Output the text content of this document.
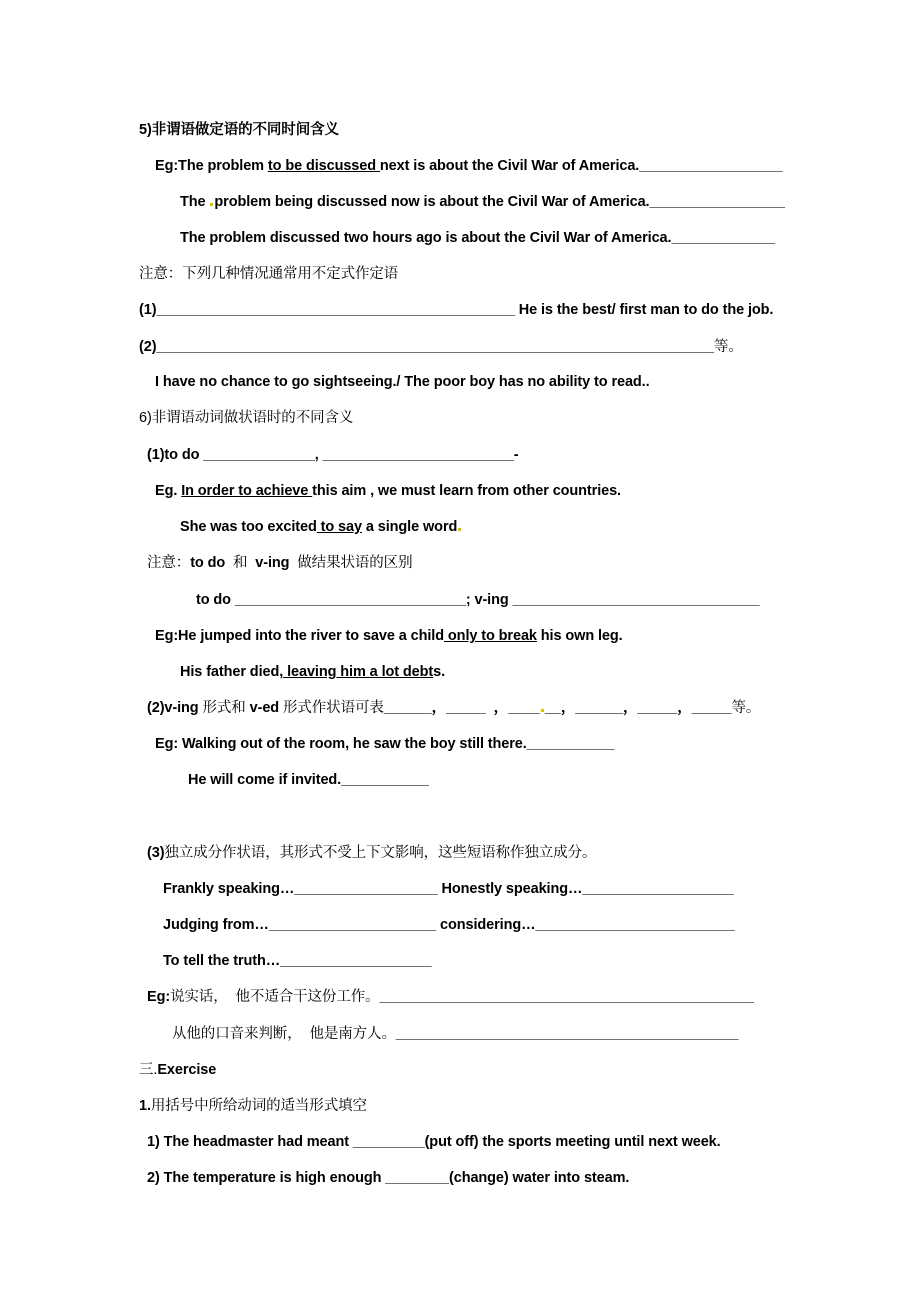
5)非谓语做定语的不同时间含义
Eg:The problem to be discussed next is about the Civil War of America.__________________
The problem being discussed now is about the Civil War of America._________________
The problem discussed two hours ago is about the Civil War of America._____________
注意：下列几种情况通常用不定式作定语
(1)_____________________________________________ He is the best/ first man to do the job.
(2)______________________________________________________________________等。
I have no chance to go sightseeing./ The poor boy has no ability to read..
6)非谓语动词做状语时的不同含义
(1)to do ______________, ________________________-
Eg. In order to achieve this aim , we must learn from other countries.
She was too excited to say a single word
注意：to do  和  v-ing  做结果状语的区别
to do _____________________________; v-ing _______________________________
Eg:He jumped into the river to save a child only to break his own leg.
His father died, leaving him a lot debts.
(2)v-ing 形式和 v-ed 形式作状语可表______，_____  ，____ __，______，_____，_____等。
Eg: Walking out of the room, he saw the boy still there.___________
He will come if invited.___________
(3)独立成分作状语，其形式不受上下文影响，这些短语称作独立成分。
Frankly speaking…__________________ Honestly speaking…___________________
Judging from…_____________________ considering…_________________________
To tell the truth…___________________
Eg:说实话，  他不适合干这份工作。_______________________________________________
从他的口音来判断，  他是南方人。___________________________________________
三.Exercise
1.用括号中所给动词的适当形式填空
1) The headmaster had meant _________(put off) the sports meeting until next week.
2) The temperature is high enough ________(change) water into steam.
